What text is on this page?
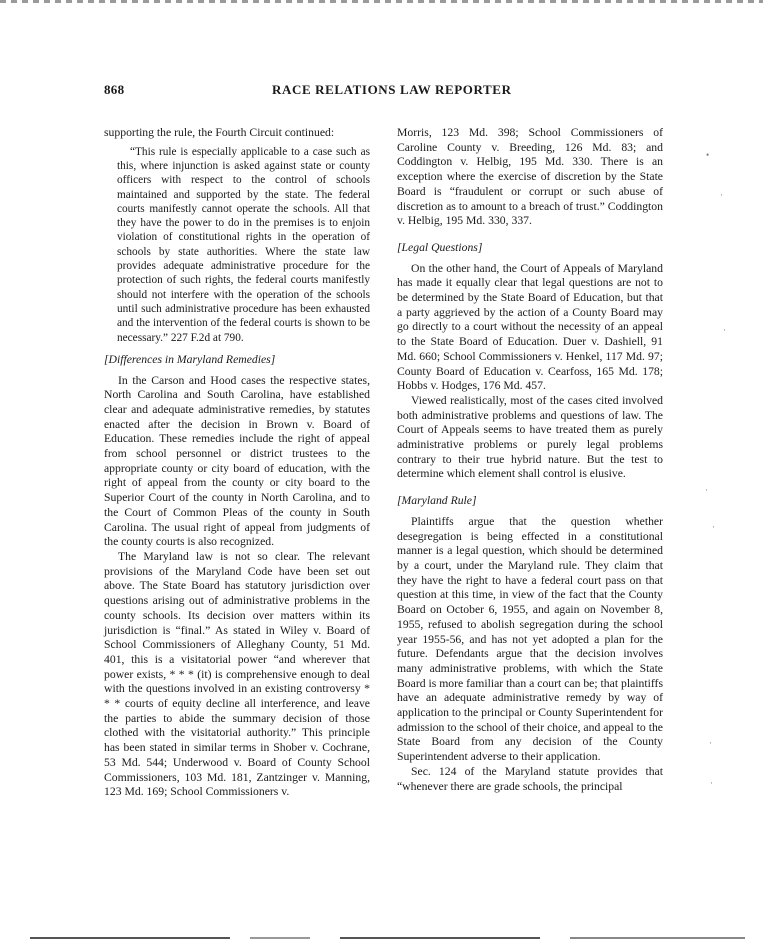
868	RACE RELATIONS LAW REPORTER

supporting the rule, the Fourth Circuit continued:

“This rule is especially applicable to a case such as this, where injunction is asked against state or county officers with respect to the control of schools maintained and supported by the state. The federal courts manifestly cannot operate the schools. All that they have the power to do in the premises is to enjoin violation of constitutional rights in the operation of schools by state authorities. Where the state law provides adequate administrative procedure for the protection of such rights, the federal courts manifestly should not interfere with the operation of the schools until such administrative procedure has been exhausted and the intervention of the federal courts is shown to be necessary.” 227 F.2d at 790.

[Differences in Maryland Remedies]

In the Carson and Hood cases the respective states, North Carolina and South Carolina, have established clear and adequate administrative remedies, by statutes enacted after the decision in Brown v. Board of Education. These remedies include the right of appeal from school personnel or district trustees to the appropriate county or city board of education, with the right of appeal from the county or city board to the Superior Court of the county in North Carolina, and to the Court of Common Pleas of the county in South Carolina. The usual right of appeal from judgments of the county courts is also recognized.

The Maryland law is not so clear. The relevant provisions of the Maryland Code have been set out above. The State Board has statutory jurisdiction over questions arising out of administrative problems in the county schools. Its decision over matters within its jurisdiction is “final.” As stated in Wiley v. Board of School Commissioners of Alleghany County, 51 Md. 401, this is a visitatorial power “and wherever that power exists, * * * (it) is comprehensive enough to deal with the questions involved in an existing controversy * * * courts of equity decline all interference, and leave the parties to abide the summary decision of those clothed with the visitatorial authority.” This principle has been stated in similar terms in Shober v. Cochrane, 53 Md. 544; Underwood v. Board of County School Commissioners, 103 Md. 181, Zantzinger v. Manning, 123 Md. 169; School Commissioners v.

Morris, 123 Md. 398; School Commissioners of Caroline County v. Breeding, 126 Md. 83; and Coddington v. Helbig, 195 Md. 330. There is an exception where the exercise of discretion by the State Board is “fraudulent or corrupt or such abuse of discretion as to amount to a breach of trust.” Coddington v. Helbig, 195 Md. 330, 337.

[Legal Questions]

On the other hand, the Court of Appeals of Maryland has made it equally clear that legal questions are not to be determined by the State Board of Education, but that a party aggrieved by the action of a County Board may go directly to a court without the necessity of an appeal to the State Board of Education. Duer v. Dashiell, 91 Md. 660; School Commissioners v. Henkel, 117 Md. 97; County Board of Education v. Cearfoss, 165 Md. 178; Hobbs v. Hodges, 176 Md. 457.

Viewed realistically, most of the cases cited involved both administrative problems and questions of law. The Court of Appeals seems to have treated them as purely administrative problems or purely legal problems contrary to their true hybrid nature. But the test to determine which element shall control is elusive.

[Maryland Rule]

Plaintiffs argue that the question whether desegregation is being effected in a constitutional manner is a legal question, which should be determined by a court, under the Maryland rule. They claim that they have the right to have a federal court pass on that question at this time, in view of the fact that the County Board on October 6, 1955, and again on November 8, 1955, refused to abolish segregation during the school year 1955-56, and has not yet adopted a plan for the future. Defendants argue that the decision involves many administrative problems, with which the State Board is more familiar than a court can be; that plaintiffs have an adequate administrative remedy by way of application to the principal or County Superintendent for admission to the school of their choice, and appeal to the State Board from any decision of the County Superintendent adverse to their application.

Sec. 124 of the Maryland statute provides that “whenever there are grade schools, the principal

•
·
·
·
·
·
·
